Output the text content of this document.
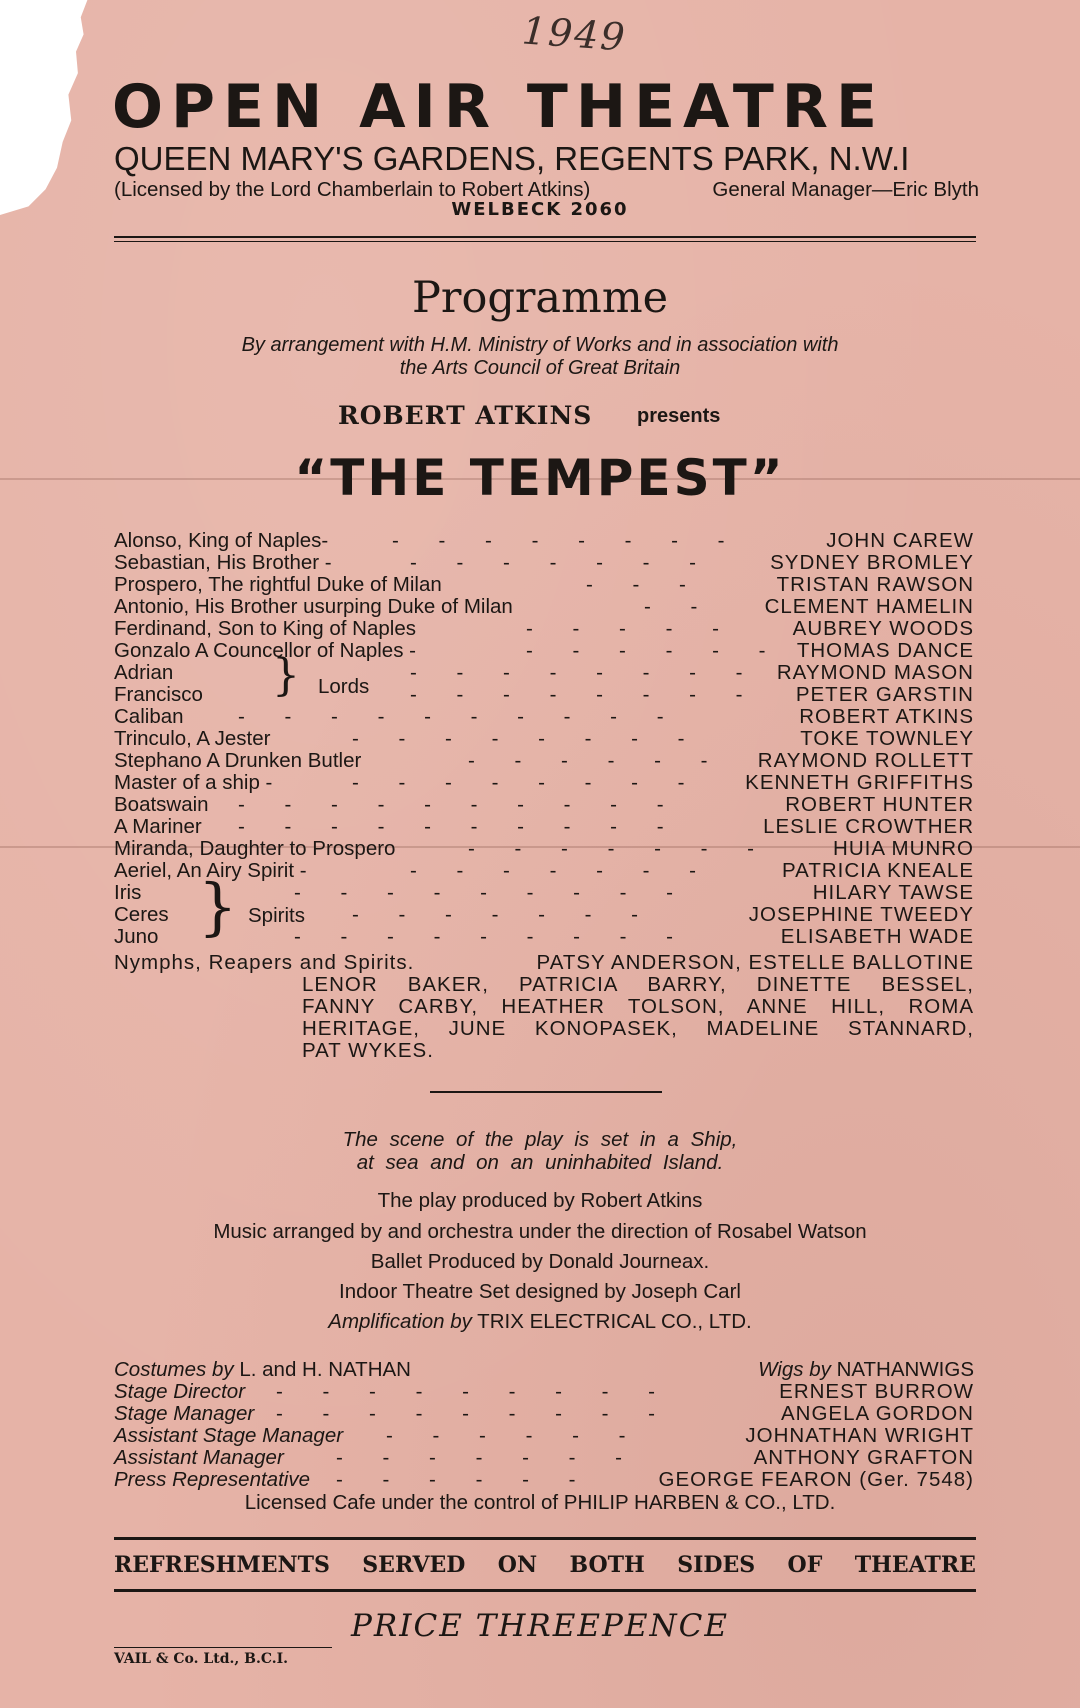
1949
OPEN AIR THEATRE
QUEEN MARY'S GARDENS, REGENTS PARK, N.W.I
(Licensed by the Lord Chamberlain to Robert Atkins)	General Manager—Eric Blyth
WELBECK 2060
Programme
By arrangement with H.M. Ministry of Works and in association with
the Arts Council of Great Britain
ROBERT ATKINS presents
“THE TEMPEST”
Alonso, King of Naples-	- - - - - - - -	JOHN CAREW
Sebastian, His Brother -	- - - - - - -	SYDNEY BROMLEY
Prospero, The rightful Duke of Milan	- - -	TRISTAN RAWSON
Antonio, His Brother usurping Duke of Milan	- -	CLEMENT HAMELIN
Ferdinand, Son to King of Naples	- - - - -	AUBREY WOODS
Gonzalo A Councellor of Naples -	- - - - - - THOMAS DANCE
Adrian	- - - - - - - - RAYMOND MASON
Francisco	- - - - - - - -	PETER GARSTIN
Caliban	- - - - - - - - - -	ROBERT ATKINS
Trinculo, A Jester	- - - - - - - -	TOKE TOWNLEY
Stephano A Drunken Butler	- - - - - - RAYMOND ROLLETT
Master of a ship -	- - - - - - - -	KENNETH GRIFFITHS
Boatswain - - - - - - - - - -	ROBERT HUNTER
A Mariner - - - - - - - - - -	LESLIE CROWTHER
Miranda, Daughter to Prospero	- - - - - - -	HUIA MUNRO
Aeriel, An Airy Spirit -	- - - - - - -	PATRICIA KNEALE
Iris	- - - - - - - - -	HILARY TAWSE
Ceres	- - - - - - -	JOSEPHINE TWEEDY
Juno	- - - - - - - - -	ELISABETH WADE
} Lords
} Spirits
Nymphs, Reapers and Spirits.	PATSY ANDERSON, ESTELLE BALLOTINE
LENOR BAKER, PATRICIA BARRY, DINETTE BESSEL,
FANNY CARBY, HEATHER TOLSON, ANNE HILL, ROMA
HERITAGE, JUNE KONOPASEK, MADELINE STANNARD,
PAT WYKES.
The scene of the play is set in a Ship,
at sea and on an uninhabited Island.
The play produced by Robert Atkins
Music arranged by and orchestra under the direction of Rosabel Watson
Ballet Produced by Donald Journeax.
Indoor Theatre Set designed by Joseph Carl
Amplification by TRIX ELECTRICAL CO., LTD.
Costumes by L. and H. NATHAN	Wigs by NATHANWIGS
Stage Director - - - - - - - - -	ERNEST BURROW
Stage Manager - - - - - - - - -	ANGELA GORDON
Assistant Stage Manager - - - - - -	JOHNATHAN WRIGHT
Assistant Manager	- - - - - - -	ANTHONY GRAFTON
Press Representative - - - - - -	GEORGE FEARON (Ger. 7548)
Licensed Cafe under the control of PHILIP HARBEN & CO., LTD.
REFRESHMENTS SERVED ON BOTH SIDES OF THEATRE
PRICE THREEPENCE
VAIL & Co. Ltd., B.C.I.
